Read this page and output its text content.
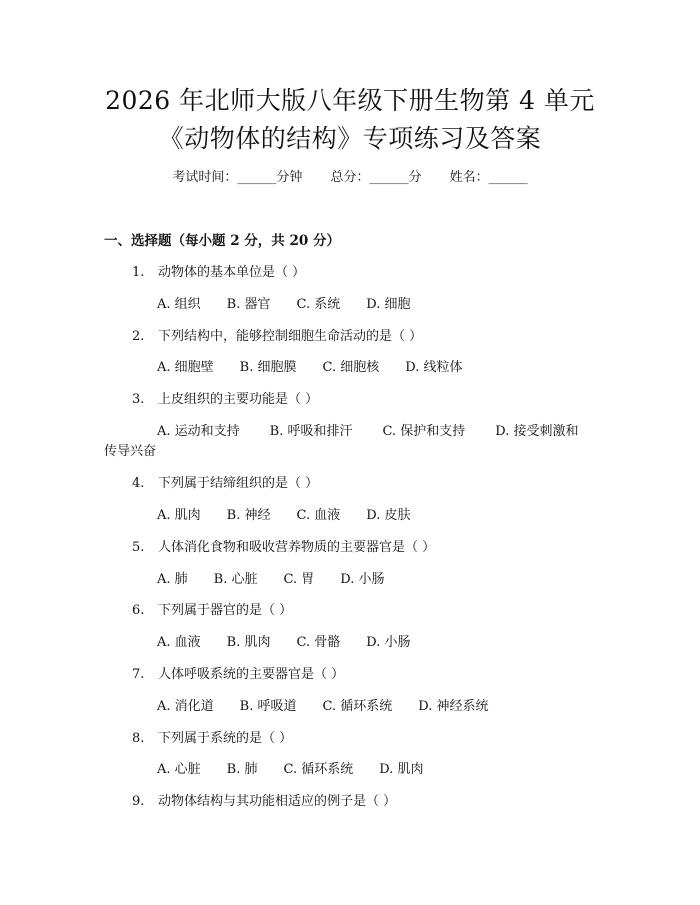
2026 年北师大版八年级下册生物第 4 单元
《动物体的结构》专项练习及答案
考试时间：______分钟 总分：______分 姓名：______
一、选择题（每小题 2 分，共 20 分）
1. 动物体的基本单位是（ ）
A. 组织 B. 器官 C. 系统 D. 细胞
2. 下列结构中，能够控制细胞生命活动的是（ ）
A. 细胞壁 B. 细胞膜 C. 细胞核 D. 线粒体
3. 上皮组织的主要功能是（ ）
A. 运动和支持 B. 呼吸和排汗 C. 保护和支持 D. 接受刺激和
传导兴奋
4. 下列属于结缔组织的是（ ）
A. 肌肉 B. 神经 C. 血液 D. 皮肤
5. 人体消化食物和吸收营养物质的主要器官是（ ）
A. 肺 B. 心脏 C. 胃 D. 小肠
6. 下列属于器官的是（ ）
A. 血液 B. 肌肉 C. 骨骼 D. 小肠
7. 人体呼吸系统的主要器官是（ ）
A. 消化道 B. 呼吸道 C. 循环系统 D. 神经系统
8. 下列属于系统的是（ ）
A. 心脏 B. 肺 C. 循环系统 D. 肌肉
9. 动物体结构与其功能相适应的例子是（ ）
